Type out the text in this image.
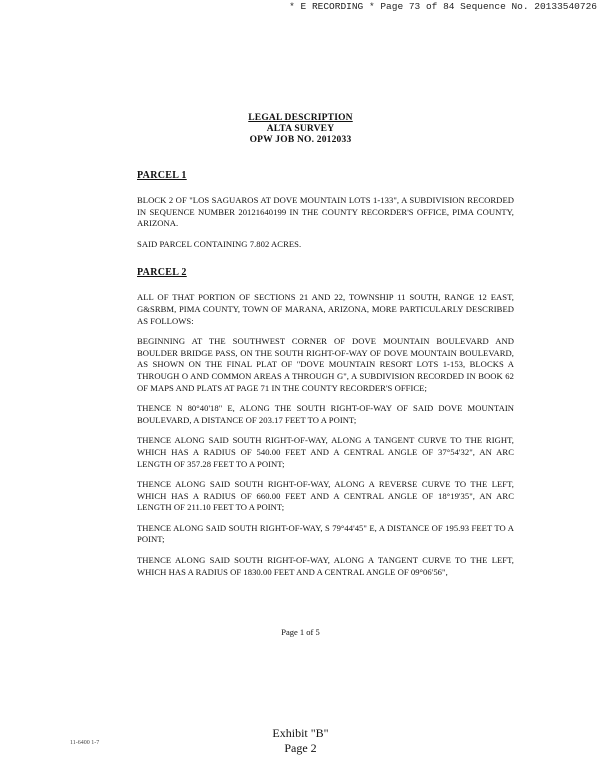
* E RECORDING * Page 73 of 84 Sequence No. 20133540726
LEGAL DESCRIPTION
ALTA SURVEY
OPW JOB NO. 2012033
PARCEL 1
BLOCK 2 OF "LOS SAGUAROS AT DOVE MOUNTAIN LOTS 1-133", A SUBDIVISION RECORDED IN SEQUENCE NUMBER 20121640199 IN THE COUNTY RECORDER'S OFFICE, PIMA COUNTY, ARIZONA.
SAID PARCEL CONTAINING 7.802 ACRES.
PARCEL 2
ALL OF THAT PORTION OF SECTIONS 21 AND 22, TOWNSHIP 11 SOUTH, RANGE 12 EAST, G&SRBM, PIMA COUNTY, TOWN OF MARANA, ARIZONA, MORE PARTICULARLY DESCRIBED AS FOLLOWS:
BEGINNING AT THE SOUTHWEST CORNER OF DOVE MOUNTAIN BOULEVARD AND BOULDER BRIDGE PASS, ON THE SOUTH RIGHT-OF-WAY OF DOVE MOUNTAIN BOULEVARD, AS SHOWN ON THE FINAL PLAT OF "DOVE MOUNTAIN RESORT LOTS 1-153, BLOCKS A THROUGH O AND COMMON AREAS A THROUGH G", A SUBDIVISION RECORDED IN BOOK 62 OF MAPS AND PLATS AT PAGE 71 IN THE COUNTY RECORDER'S OFFICE;
THENCE N 80°40'18" E, ALONG THE SOUTH RIGHT-OF-WAY OF SAID DOVE MOUNTAIN BOULEVARD, A DISTANCE OF 203.17 FEET TO A POINT;
THENCE ALONG SAID SOUTH RIGHT-OF-WAY, ALONG A TANGENT CURVE TO THE RIGHT, WHICH HAS A RADIUS OF 540.00 FEET AND A CENTRAL ANGLE OF 37°54'32", AN ARC LENGTH OF 357.28 FEET TO A POINT;
THENCE ALONG SAID SOUTH RIGHT-OF-WAY, ALONG A REVERSE CURVE TO THE LEFT, WHICH HAS A RADIUS OF 660.00 FEET AND A CENTRAL ANGLE OF 18°19'35", AN ARC LENGTH OF 211.10 FEET TO A POINT;
THENCE ALONG SAID SOUTH RIGHT-OF-WAY, S 79°44'45" E, A DISTANCE OF 195.93 FEET TO A POINT;
THENCE ALONG SAID SOUTH RIGHT-OF-WAY, ALONG A TANGENT CURVE TO THE LEFT, WHICH HAS A RADIUS OF 1830.00 FEET AND A CENTRAL ANGLE OF 09°06'56",
Page 1 of 5
Exhibit "B"
Page 2
11-6400 1-7
